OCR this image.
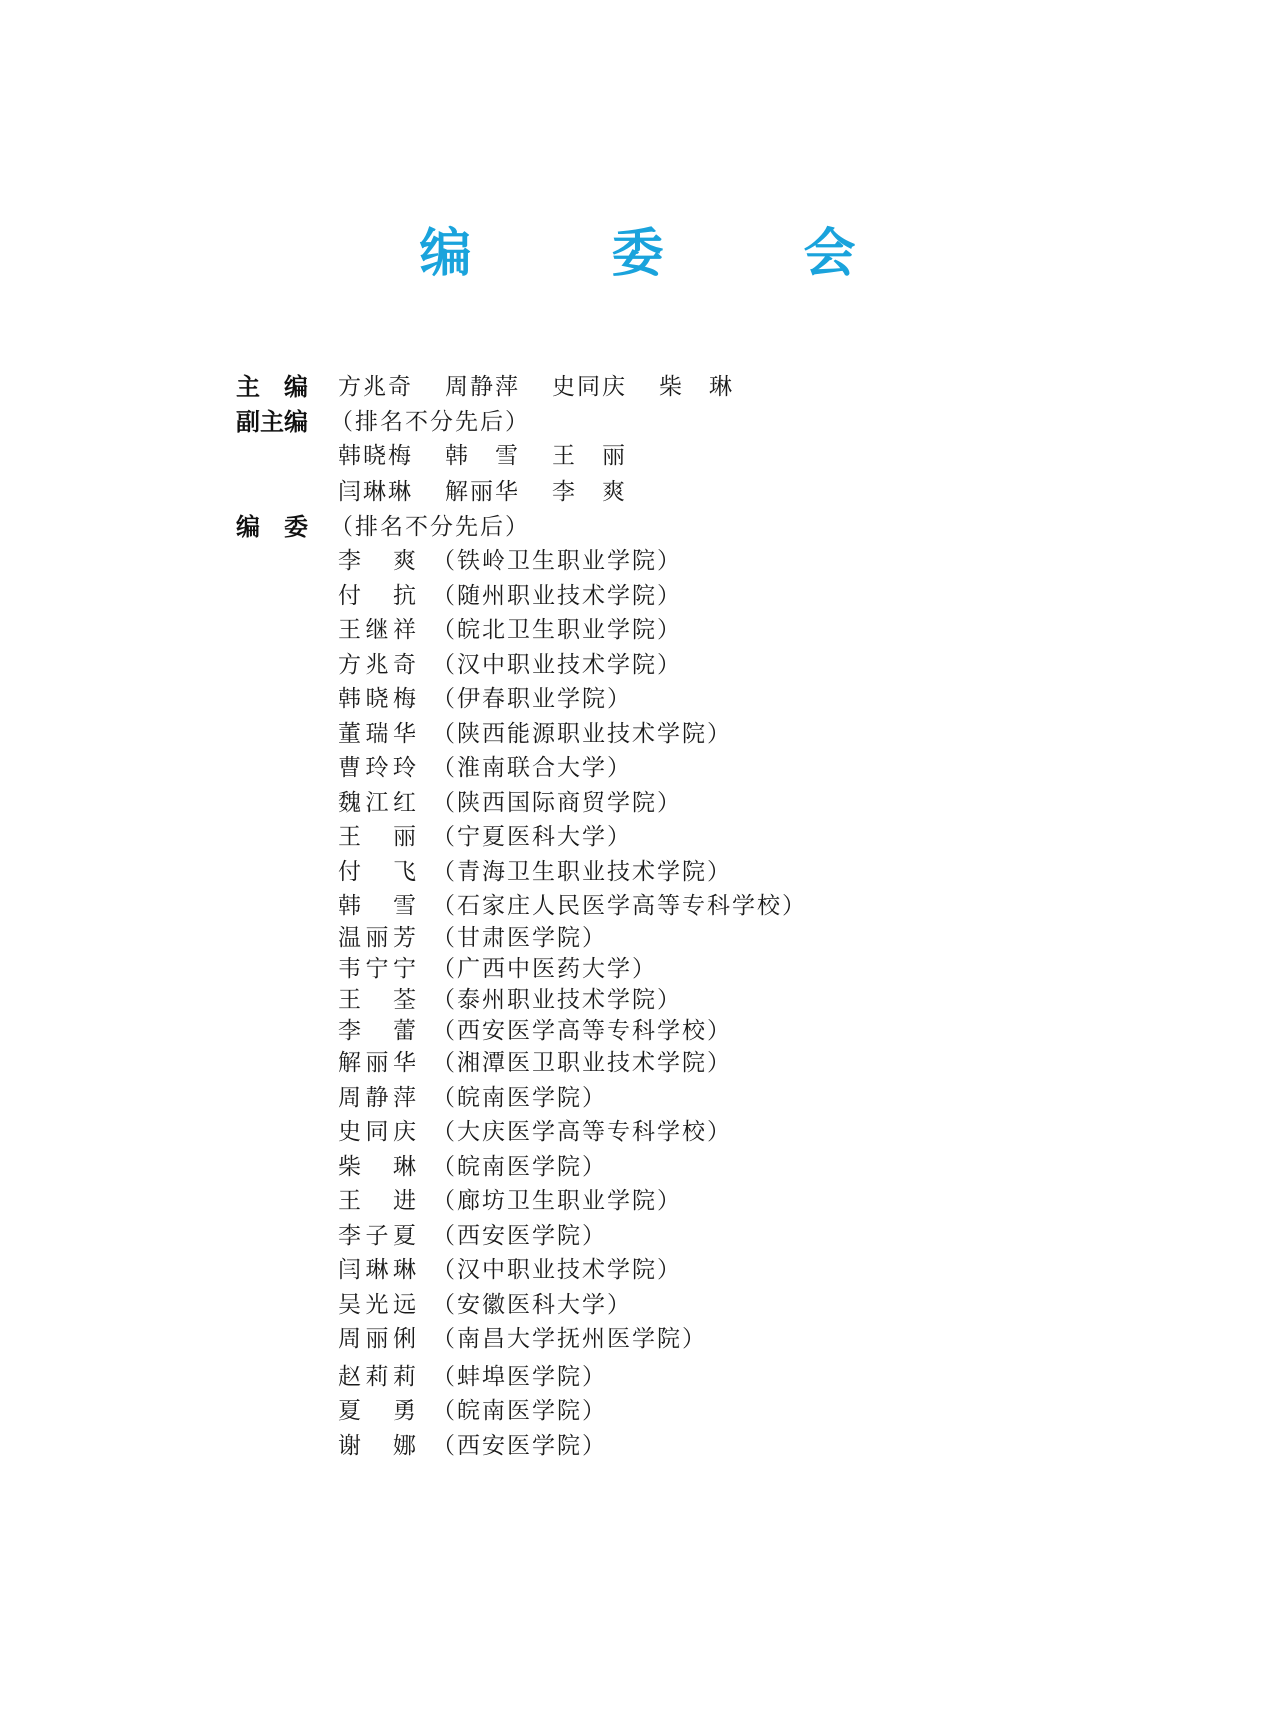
编　委　会
主　编 方兆奇 周静萍 史同庆 柴　琳
副主编 （排名不分先后）
韩晓梅 韩　雪 王　丽
闫琳琳 解丽华 李　爽
编　委 （排名不分先后）
李　爽 （铁岭卫生职业学院）
付　抗 （随州职业技术学院）
王继祥 （皖北卫生职业学院）
方兆奇 （汉中职业技术学院）
韩晓梅 （伊春职业学院）
董瑞华 （陕西能源职业技术学院）
曹玲玲 （淮南联合大学）
魏江红 （陕西国际商贸学院）
王　丽 （宁夏医科大学）
付　飞 （青海卫生职业技术学院）
韩　雪 （石家庄人民医学高等专科学校）
温丽芳 （甘肃医学院）
韦宁宁 （广西中医药大学）
王　荃 （泰州职业技术学院）
李　蕾 （西安医学高等专科学校）
解丽华 （湘潭医卫职业技术学院）
周静萍 （皖南医学院）
史同庆 （大庆医学高等专科学校）
柴　琳 （皖南医学院）
王　进 （廊坊卫生职业学院）
李子夏 （西安医学院）
闫琳琳 （汉中职业技术学院）
吴光远 （安徽医科大学）
周丽俐 （南昌大学抚州医学院）
赵莉莉 （蚌埠医学院）
夏　勇 （皖南医学院）
谢　娜 （西安医学院）
